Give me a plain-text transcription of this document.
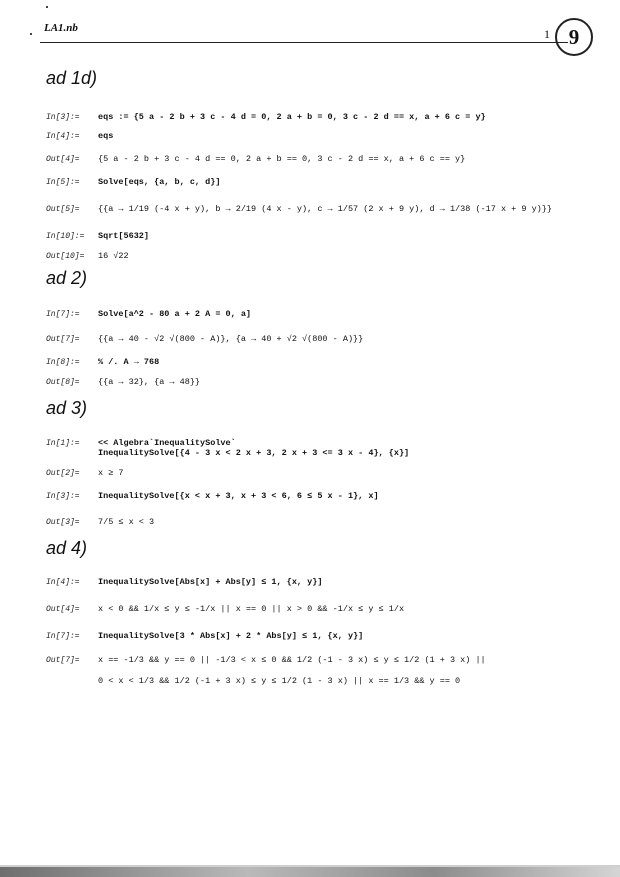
LA1.nb	1 9
ad 1d)
In[3]:= eqs := {5 a - 2 b + 3 c - 4 d = 0, 2 a + b = 0, 3 c - 2 d == x, a + 6 c = y}
In[4]:= eqs
Out[4]= {5 a - 2 b + 3 c - 4 d == 0, 2 a + b == 0, 3 c - 2 d == x, a + 6 c == y}
In[5]:= Solve[eqs, {a, b, c, d}]
Out[5]= {{a → 1/19 (-4 x + y), b → 2/19 (4 x - y), c → 1/57 (2 x + 9 y), d → 1/38 (-17 x + 9 y)}}
In[10]:= Sqrt[5632]
Out[10]= 16 √22
ad 2)
In[7]:= Solve[a^2 - 80 a + 2 A = 0, a]
Out[7]= {{a → 40 - √2 √(800 - A)}, {a → 40 + √2 √(800 - A)}}
In[8]:= % /. A → 768
Out[8]= {{a → 32}, {a → 48}}
ad 3)
In[1]:= << Algebra`InequalitySolve`
InequalitySolve[{4 - 3 x < 2 x + 3, 2 x + 3 <= 3 x - 4}, {x}]
Out[2]= x ≥ 7
In[3]:= InequalitySolve[{x < x + 3, x + 3 < 6, 6 ≤ 5 x - 1}, x]
Out[3]= 7/5 ≤ x < 3
ad 4)
In[4]:= InequalitySolve[Abs[x] + Abs[y] ≤ 1, {x, y}]
Out[4]= x < 0 && 1/x ≤ y ≤ -1/x || x == 0 || x > 0 && -1/x ≤ y ≤ 1/x
In[7]:= InequalitySolve[3 * Abs[x] + 2 * Abs[y] ≤ 1, {x, y}]
Out[7]= x == -1/3 && y == 0 || -1/3 < x ≤ 0 && 1/2 (-1 - 3 x) ≤ y ≤ 1/2 (1 + 3 x) ||
0 < x < 1/3 && 1/2 (-1 + 3 x) ≤ y ≤ 1/2 (1 - 3 x) || x == 1/3 && y == 0
